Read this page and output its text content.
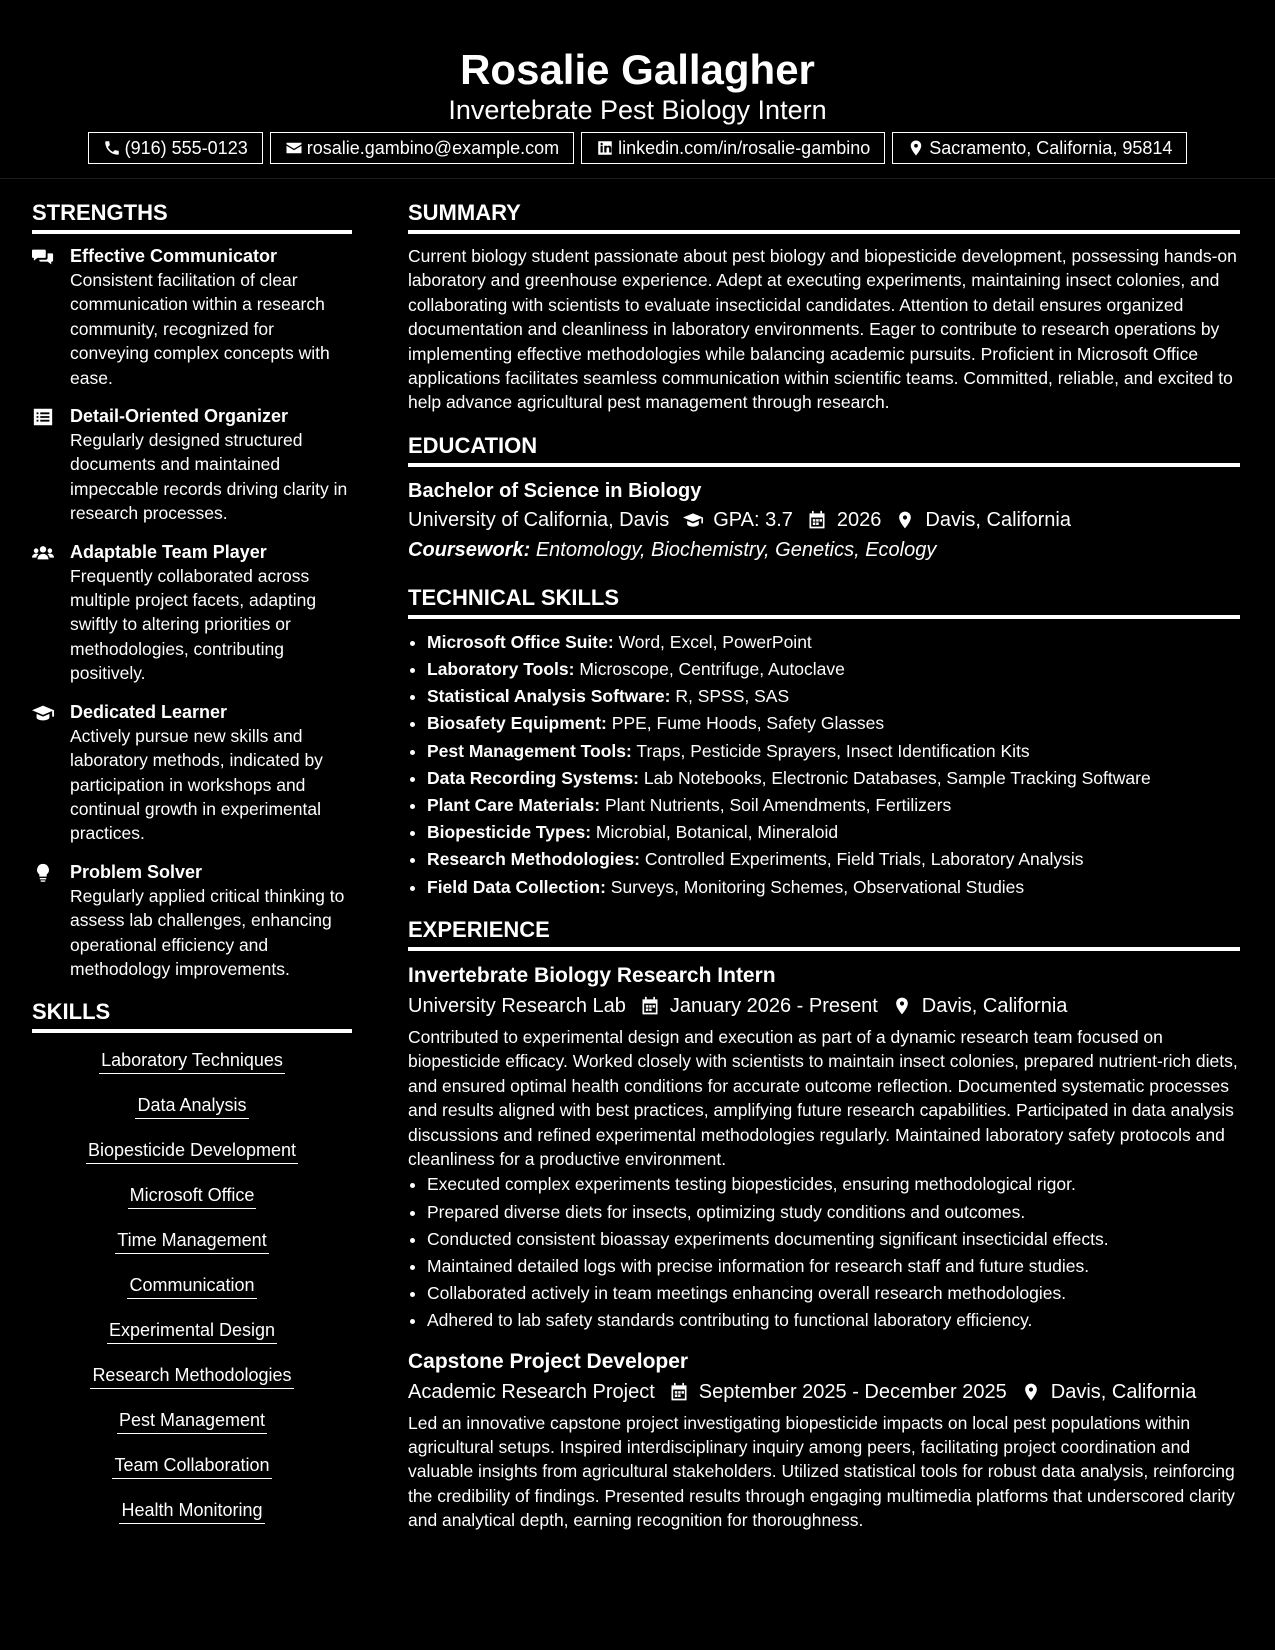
Rosalie Gallagher
Invertebrate Pest Biology Intern
(916) 555-0123	rosalie.gambino@example.com	linkedin.com/in/rosalie-gambino	Sacramento, California, 95814
STRENGTHS
Effective Communicator
Consistent facilitation of clear communication within a research community, recognized for conveying complex concepts with ease.
Detail-Oriented Organizer
Regularly designed structured documents and maintained impeccable records driving clarity in research processes.
Adaptable Team Player
Frequently collaborated across multiple project facets, adapting swiftly to altering priorities or methodologies, contributing positively.
Dedicated Learner
Actively pursue new skills and laboratory methods, indicated by participation in workshops and continual growth in experimental practices.
Problem Solver
Regularly applied critical thinking to assess lab challenges, enhancing operational efficiency and methodology improvements.
SKILLS
Laboratory Techniques
Data Analysis
Biopesticide Development
Microsoft Office
Time Management
Communication
Experimental Design
Research Methodologies
Pest Management
Team Collaboration
Health Monitoring
SUMMARY
Current biology student passionate about pest biology and biopesticide development, possessing hands-on laboratory and greenhouse experience. Adept at executing experiments, maintaining insect colonies, and collaborating with scientists to evaluate insecticidal candidates. Attention to detail ensures organized documentation and cleanliness in laboratory environments. Eager to contribute to research operations by implementing effective methodologies while balancing academic pursuits. Proficient in Microsoft Office applications facilitates seamless communication within scientific teams. Committed, reliable, and excited to help advance agricultural pest management through research.
EDUCATION
Bachelor of Science in Biology
University of California, Davis GPA: 3.7 2026 Davis, California
Coursework: Entomology, Biochemistry, Genetics, Ecology
TECHNICAL SKILLS
• Microsoft Office Suite: Word, Excel, PowerPoint
• Laboratory Tools: Microscope, Centrifuge, Autoclave
• Statistical Analysis Software: R, SPSS, SAS
• Biosafety Equipment: PPE, Fume Hoods, Safety Glasses
• Pest Management Tools: Traps, Pesticide Sprayers, Insect Identification Kits
• Data Recording Systems: Lab Notebooks, Electronic Databases, Sample Tracking Software
• Plant Care Materials: Plant Nutrients, Soil Amendments, Fertilizers
• Biopesticide Types: Microbial, Botanical, Mineraloid
• Research Methodologies: Controlled Experiments, Field Trials, Laboratory Analysis
• Field Data Collection: Surveys, Monitoring Schemes, Observational Studies
EXPERIENCE
Invertebrate Biology Research Intern
University Research Lab January 2026 - Present Davis, California
Contributed to experimental design and execution as part of a dynamic research team focused on biopesticide efficacy. Worked closely with scientists to maintain insect colonies, prepared nutrient-rich diets, and ensured optimal health conditions for accurate outcome reflection. Documented systematic processes and results aligned with best practices, amplifying future research capabilities. Participated in data analysis discussions and refined experimental methodologies regularly. Maintained laboratory safety protocols and cleanliness for a productive environment.
• Executed complex experiments testing biopesticides, ensuring methodological rigor.
• Prepared diverse diets for insects, optimizing study conditions and outcomes.
• Conducted consistent bioassay experiments documenting significant insecticidal effects.
• Maintained detailed logs with precise information for research staff and future studies.
• Collaborated actively in team meetings enhancing overall research methodologies.
• Adhered to lab safety standards contributing to functional laboratory efficiency.
Capstone Project Developer
Academic Research Project September 2025 - December 2025 Davis, California
Led an innovative capstone project investigating biopesticide impacts on local pest populations within agricultural setups. Inspired interdisciplinary inquiry among peers, facilitating project coordination and valuable insights from agricultural stakeholders. Utilized statistical tools for robust data analysis, reinforcing the credibility of findings. Presented results through engaging multimedia platforms that underscored clarity and analytical depth, earning recognition for thoroughness.
